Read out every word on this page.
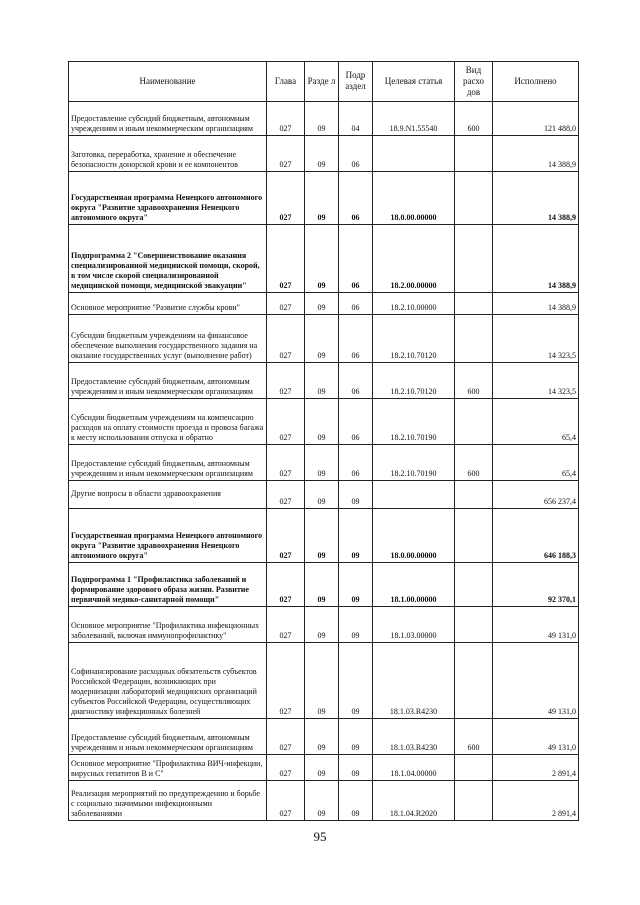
Наименование	Глава	Разде л	Подр аздел	Целевая статья	Вид расхо дов	Исполнено
Предоставление субсидий бюджетным, автономным учреждениям и иным некоммерческим организациям	027	09	04	18.9.N1.55540	600	121 488,0
Заготовка, переработка, хранение и обеспечение безопасности донорской крови и ее компонентов	027	09	06			14 388,9
Государственная программа Ненецкого автономного округа "Развитие здравоохранения Ненецкого автономного округа"	027	09	06	18.0.00.00000		14 388,9
Подпрограмма 2 "Совершенствование оказания специализированной медицинской помощи, скорой, в том числе скорой специализированной медицинской помощи, медицинской эвакуации"	027	09	06	18.2.00.00000		14 388,9
Основное мероприятие "Развитие службы крови"	027	09	06	18.2.10.00000		14 388,9
Субсидии бюджетным учреждениям на финансовое обеспечение выполнения государственного задания на оказание государственных услуг (выполнение работ)	027	09	06	18.2.10.70120		14 323,5
Предоставление субсидий бюджетным, автономным учреждениям и иным некоммерческим организациям	027	09	06	18.2.10.70120	600	14 323,5
Субсидии бюджетным учреждениям на компенсацию расходов на оплату стоимости проезда и провоза багажа к месту использования отпуска и обратно	027	09	06	18.2.10.70190		65,4
Предоставление субсидий бюджетным, автономным учреждениям и иным некоммерческим организациям	027	09	06	18.2.10.70190	600	65,4
Другие вопросы в области здравоохранения	027	09	09			656 237,4
Государственная программа Ненецкого автономного округа "Развитие здравоохранения Ненецкого автономного округа"	027	09	09	18.0.00.00000		646 188,3
Подпрограмма 1 "Профилактика заболеваний и формирование здорового образа жизни. Развитие первичной медико-санитарной помощи"	027	09	09	18.1.00.00000		92 370,1
Основное мероприятие "Профилактика инфекционных заболеваний, включая иммунопрофилактику"	027	09	09	18.1.03.00000		49 131,0
Софинансирование расходных обязательств субъектов Российской Федерации, возникающих при модернизации лабораторий медицинских организаций субъектов Российской Федерации, осуществляющих диагностику инфекционных болезней	027	09	09	18.1.03.R4230		49 131,0
Предоставление субсидий бюджетным, автономным учреждениям и иным некоммерческим организациям	027	09	09	18.1.03.R4230	600	49 131,0
Основное мероприятие "Профилактика ВИЧ-инфекции, вирусных гепатитов В и С"	027	09	09	18.1.04.00000		2 891,4
Реализация мероприятий по предупреждению и борьбе с социально значимыми инфекционными заболеваниями	027	09	09	18.1.04.R2020		2 891,4
95
